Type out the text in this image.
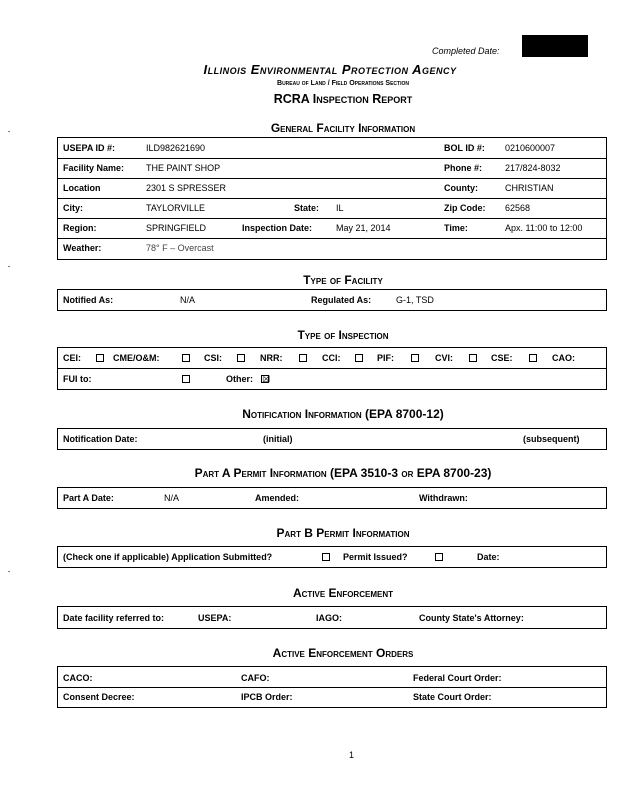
Completed Date:
Illinois Environmental Protection Agency
Bureau of Land / Field Operations Section
RCRA Inspection Report
General Facility Information
USEPA ID #:	ILD982621690	BOL ID #: 0210600007
Facility Name: THE PAINT SHOP	Phone #:	217/824-8032
Location	2301 S SPRESSER	County:	CHRISTIAN
City:	TAYLORVILLE	State: IL	Zip Code: 62568
Region:	SPRINGFIELD	Inspection Date:	May 21, 2014	Time:	Apx. 11:00 to 12:00
Weather:	78° F – Overcast
Type of Facility
Notified As:	N/A	Regulated As:	G-1, TSD
Type of Inspection
CEI:	CME/O&M:	CSI:	NRR:	CCI:	PIF:	CVI:	CSE:	CAO:
FUI to:	Other: ☒
Notification Information (EPA 8700-12)
Notification Date:	(initial)	(subsequent)
Part A Permit Information (EPA 3510-3 or EPA 8700-23)
Part A Date:	N/A	Amended:	Withdrawn:
Part B Permit Information
(Check one if applicable) Application Submitted?	Permit Issued?	Date:
Active Enforcement
Date facility referred to:	USEPA:	IAGO:	County State's Attorney:
Active Enforcement Orders
CACO:	CAFO:	Federal Court Order:
Consent Decree:	IPCB Order:	State Court Order:
1
